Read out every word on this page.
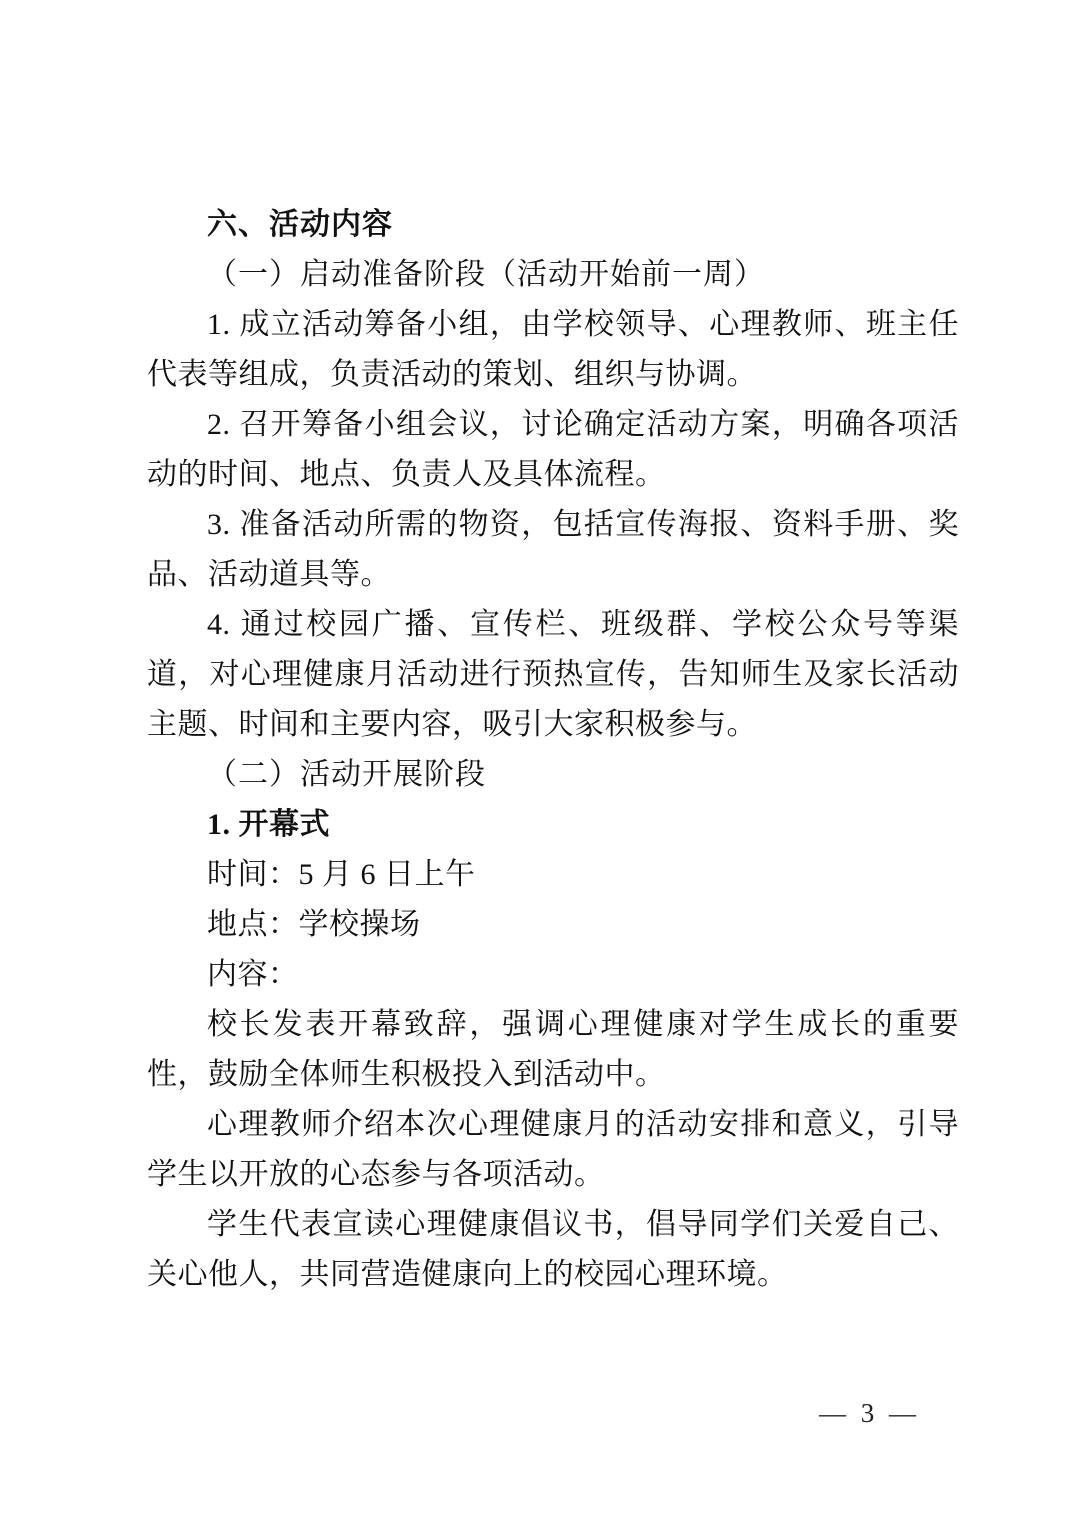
六、活动内容

（一）启动准备阶段（活动开始前一周）

1. 成立活动筹备小组，由学校领导、心理教师、班主任代表等组成，负责活动的策划、组织与协调。

2. 召开筹备小组会议，讨论确定活动方案，明确各项活动的时间、地点、负责人及具体流程。

3. 准备活动所需的物资，包括宣传海报、资料手册、奖品、活动道具等。

4. 通过校园广播、宣传栏、班级群、学校公众号等渠道，对心理健康月活动进行预热宣传，告知师生及家长活动主题、时间和主要内容，吸引大家积极参与。

（二）活动开展阶段

1. 开幕式

时间：5 月 6 日上午

地点：学校操场

内容：

校长发表开幕致辞，强调心理健康对学生成长的重要性，鼓励全体师生积极投入到活动中。

心理教师介绍本次心理健康月的活动安排和意义，引导学生以开放的心态参与各项活动。

学生代表宣读心理健康倡议书，倡导同学们关爱自己、关心他人，共同营造健康向上的校园心理环境。

— 3 —
